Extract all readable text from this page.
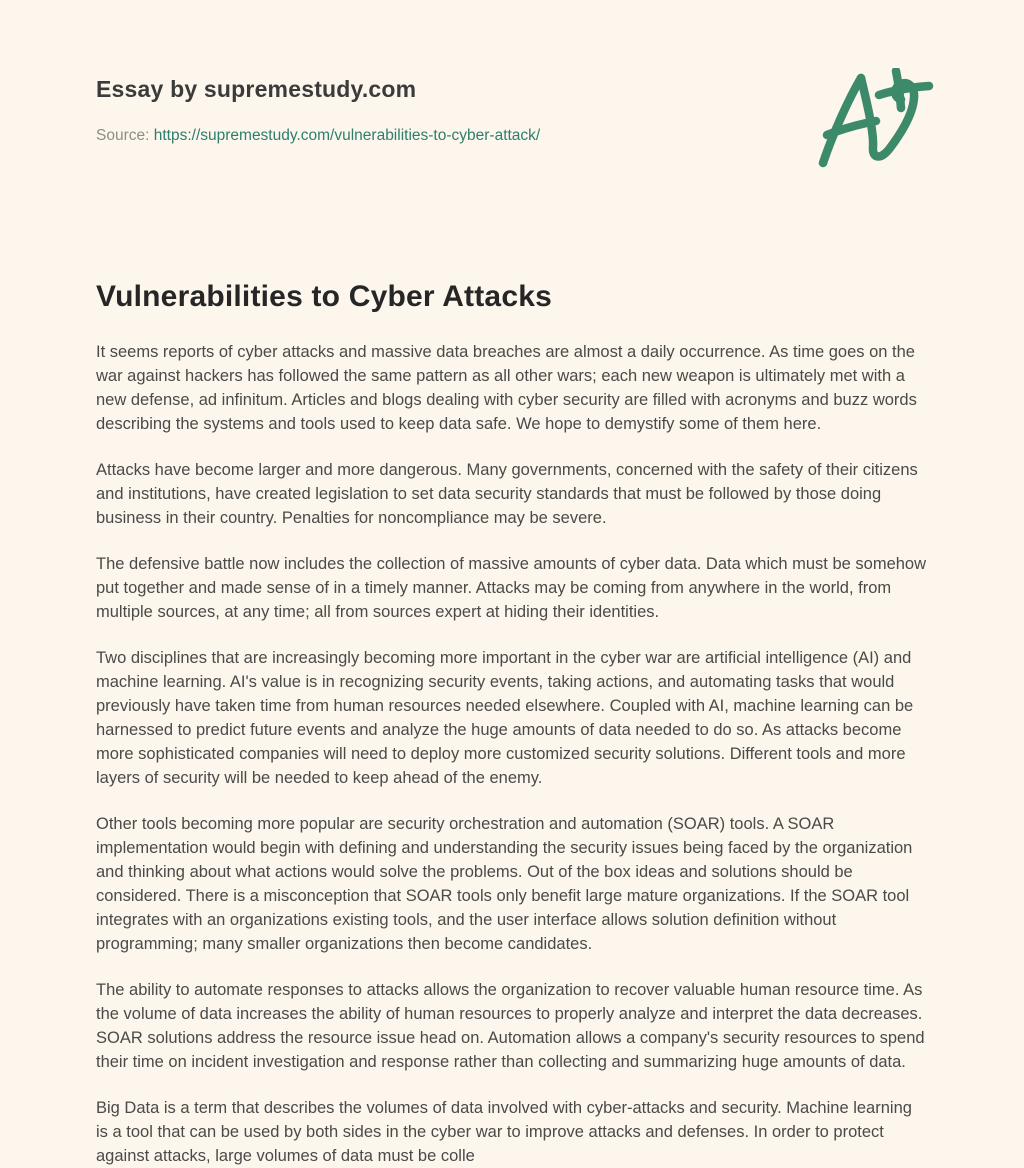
Essay by supremestudy.com
Source: https://supremestudy.com/vulnerabilities-to-cyber-attack/
Vulnerabilities to Cyber Attacks

It seems reports of cyber attacks and massive data breaches are almost a daily occurrence. As time goes on the war against hackers has followed the same pattern as all other wars; each new weapon is ultimately met with a new defense, ad infinitum. Articles and blogs dealing with cyber security are filled with acronyms and buzz words describing the systems and tools used to keep data safe. We hope to demystify some of them here.

Attacks have become larger and more dangerous. Many governments, concerned with the safety of their citizens and institutions, have created legislation to set data security standards that must be followed by those doing business in their country. Penalties for noncompliance may be severe.

The defensive battle now includes the collection of massive amounts of cyber data. Data which must be somehow put together and made sense of in a timely manner. Attacks may be coming from anywhere in the world, from multiple sources, at any time; all from sources expert at hiding their identities.

Two disciplines that are increasingly becoming more important in the cyber war are artificial intelligence (AI) and machine learning. AI's value is in recognizing security events, taking actions, and automating tasks that would previously have taken time from human resources needed elsewhere. Coupled with AI, machine learning can be harnessed to predict future events and analyze the huge amounts of data needed to do so. As attacks become more sophisticated companies will need to deploy more customized security solutions. Different tools and more layers of security will be needed to keep ahead of the enemy.

Other tools becoming more popular are security orchestration and automation (SOAR) tools. A SOAR implementation would begin with defining and understanding the security issues being faced by the organization and thinking about what actions would solve the problems. Out of the box ideas and solutions should be considered. There is a misconception that SOAR tools only benefit large mature organizations. If the SOAR tool integrates with an organizations existing tools, and the user interface allows solution definition without programming; many smaller organizations then become candidates.

The ability to automate responses to attacks allows the organization to recover valuable human resource time. As the volume of data increases the ability of human resources to properly analyze and interpret the data decreases. SOAR solutions address the resource issue head on. Automation allows a company's security resources to spend their time on incident investigation and response rather than collecting and summarizing huge amounts of data.

Big Data is a term that describes the volumes of data involved with cyber-attacks and security. Machine learning is a tool that can be used by both sides in the cyber war to improve attacks and defenses. In order to protect against attacks, large volumes of data must be colle
